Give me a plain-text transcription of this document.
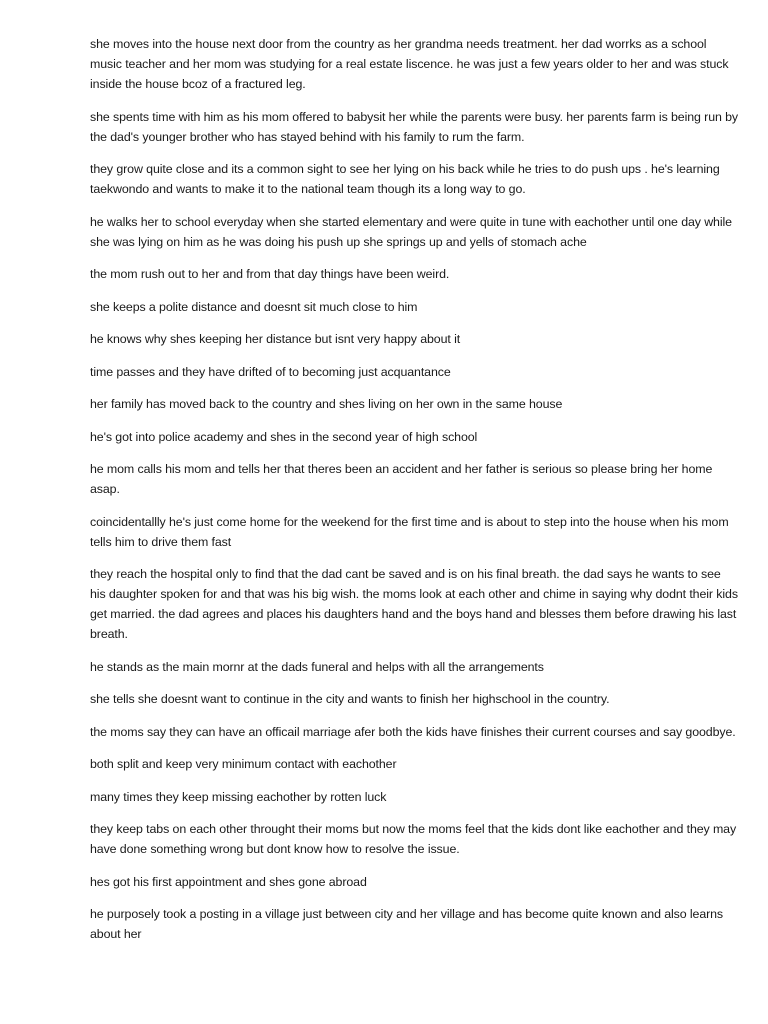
she moves into the house next door from the country as her grandma needs treatment. her dad worrks as a school music teacher and her mom was studying for a real estate liscence. he was just a few years older to her and was stuck inside the house bcoz of a fractured leg.

she spents time with him as his mom offered to babysit her while the parents were busy. her parents farm is being run by the dad's younger brother who has stayed behind with his family to rum the farm.

they grow quite close and its a common sight to see her lying on his back while he tries to do push ups . he's learning taekwondo and wants to make it to the national team though its a long way to go.

he walks her to school everyday when she started elementary and were quite in tune with eachother until one day while she was lying on him as he was doing his push up she springs up and yells of stomach ache

the mom rush out to her and from that day things have been weird.

she keeps a polite distance and doesnt sit much close to him

he knows why shes keeping her distance but isnt very happy about it

time passes and they have drifted of to becoming just acquantance

her family has moved back to the country and shes living on her own in the same house

he's got into police academy and shes in the second year of high school

he mom calls his mom and tells her that theres been an accident and her father is serious so please bring her home asap.

coincidentallly he's just come home for the weekend for the first time and is about to step into the house when his mom tells him to drive them fast

they reach the hospital only to find that the dad cant be saved and is on his final breath. the dad says he wants to see his daughter spoken for and that was his big wish. the moms look at each other and chime in saying why dodnt their kids get married. the dad agrees and places his daughters hand and the boys hand and blesses them before drawing his last breath.

he stands as the main mornr at the dads funeral and helps with all the arrangements

she tells she doesnt want to continue in the city and wants to finish her highschool in the country.

the moms say they can have an officail marriage afer both the kids have finishes their current courses and say goodbye.

both split and keep very minimum contact with eachother

many times they keep missing eachother by rotten luck

they keep tabs on each other throught their moms but now the moms feel that the kids dont like eachother and they may have done something wrong but dont know how to resolve the issue.

hes got his first appointment and shes gone abroad

he purposely took a posting in a village just between city and her village and has become quite known and also learns about her
